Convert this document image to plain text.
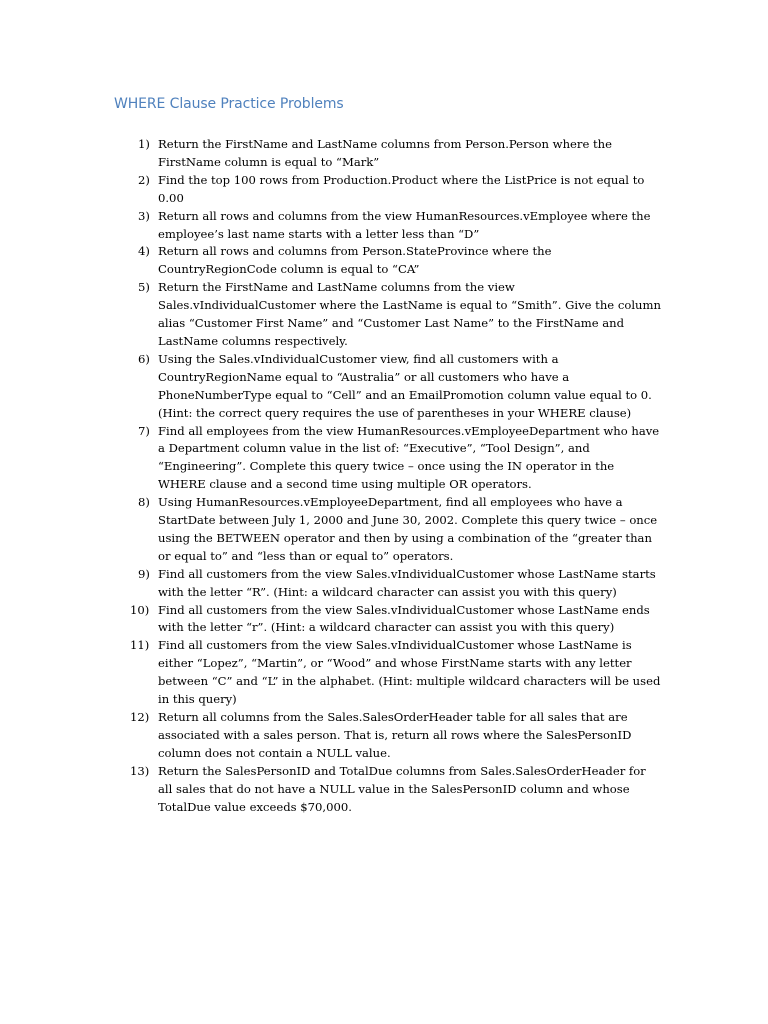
WHERE Clause Practice Problems
1) Return the FirstName and LastName columns from Person.Person where the FirstName column is equal to “Mark”
2) Find the top 100 rows from Production.Product where the ListPrice is not equal to 0.00
3) Return all rows and columns from the view HumanResources.vEmployee where the employee’s last name starts with a letter less than “D”
4) Return all rows and columns from Person.StateProvince where the CountryRegionCode column is equal to “CA”
5) Return the FirstName and LastName columns from the view Sales.vIndividualCustomer where the LastName is equal to “Smith”. Give the column alias “Customer First Name” and “Customer Last Name” to the FirstName and LastName columns respectively.
6) Using the Sales.vIndividualCustomer view, find all customers with a CountryRegionName equal to “Australia” or all customers who have a PhoneNumberType equal to “Cell” and an EmailPromotion column value equal to 0. (Hint: the correct query requires the use of parentheses in your WHERE clause)
7) Find all employees from the view HumanResources.vEmployeeDepartment who have a Department column value in the list of: “Executive”, “Tool Design”, and “Engineering”. Complete this query twice – once using the IN operator in the WHERE clause and a second time using multiple OR operators.
8) Using HumanResources.vEmployeeDepartment, find all employees who have a StartDate between July 1, 2000 and June 30, 2002. Complete this query twice – once using the BETWEEN operator and then by using a combination of the “greater than or equal to” and “less than or equal to” operators.
9) Find all customers from the view Sales.vIndividualCustomer whose LastName starts with the letter “R”. (Hint: a wildcard character can assist you with this query)
10) Find all customers from the view Sales.vIndividualCustomer whose LastName ends with the letter “r”. (Hint: a wildcard character can assist you with this query)
11) Find all customers from the view Sales.vIndividualCustomer whose LastName is either “Lopez”, “Martin”, or “Wood” and whose FirstName starts with any letter between “C” and “L” in the alphabet. (Hint: multiple wildcard characters will be used in this query)
12) Return all columns from the Sales.SalesOrderHeader table for all sales that are associated with a sales person. That is, return all rows where the SalesPersonID column does not contain a NULL value.
13) Return the SalesPersonID and TotalDue columns from Sales.SalesOrderHeader for all sales that do not have a NULL value in the SalesPersonID column and whose TotalDue value exceeds $70,000.
